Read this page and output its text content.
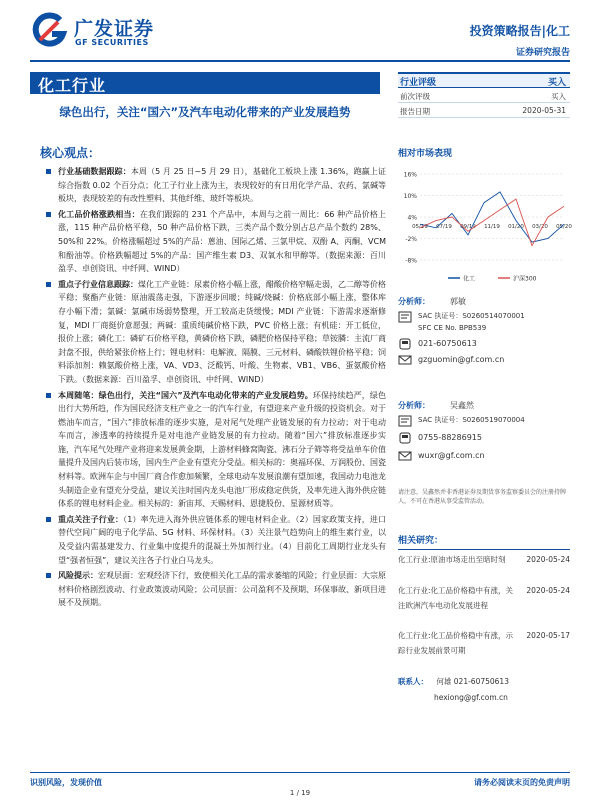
广发证券
GF SECURITIES
投资策略报告|化工
证券研究报告
化工行业
绿色出行，关注“国六”及汽车电动化带来的产业发展趋势
核心观点：
行业基础数据跟踪：本周（5 月 25 日~5 月 29 日），基础化工板块上涨 1.36%，跑赢上证综合指数 0.02 个百分点；化工子行业上涨为主，表现较好的有日用化学产品、农药、氯碱等板块，表现较差的有改性塑料、其他纤维、玻纤等板块。
化工品价格涨跌相当：在我们跟踪的 231 个产品中，本周与之前一周比：66 种产品价格上涨，115 种产品价格平稳，50 种产品价格下跌，三类产品个数分别占总产品个数约 28%、50%和 22%。价格涨幅超过 5%的产品：蒽油、国际乙烯、三氯甲烷、双酚 A、丙酮、VCM 和酚油等。价格跌幅超过 5%的产品：国产维生素 D3、双氧水和甲醇等。（数据来源：百川盈孚、卓创资讯、中纤网、WIND）
重点子行业信息跟踪：煤化工产业链：尿素价格小幅上涨，醋酸价格窄幅走弱，乙二醇等价格平稳；聚酯产业链：原油震荡走强，下游逐步回暖；纯碱/烧碱：价格底部小幅上涨，整体库存小幅下滑；氯碱：氯碱市场弱势整理，开工较高走货缓慢；MDI 产业链：下游需求逐渐修复，MDI 厂商挺价意愿强；两碱：重质纯碱价格下跌，PVC 价格上涨；有机硅：开工低位，报价上涨；磷化工：磷矿石价格平稳，黄磷价格下跌，磷肥价格保持平稳；草铵膦：主流厂商封盘不报，供给紧张价格上行；锂电材料：电解液、隔膜、三元材料、磷酸铁锂价格平稳；饲料添加剂：赖氨酸价格上涨，VA、VD3、泛酸钙、叶酸、生物素、VB1、VB6、蛋氨酸价格下跌。（数据来源：百川盈孚、卓创资讯、中纤网、WIND）
本周随笔：绿色出行，关注“国六”及汽车电动化带来的产业发展趋势。环保持续趋严，绿色出行大势所趋，作为国民经济支柱产业之一的汽车行业，有望迎来产业升级的投资机会。对于燃油车而言，“国六”排放标准的逐步实施，是对尾气处理产业链发展的有力拉动；对于电动车而言，渗透率的持续提升是对电池产业链发展的有力拉动。随着“国六”排放标准逐步实施，汽车尾气处理产业将迎来发展黄金期，上游材料蜂窝陶瓷、沸石分子筛等将受益单车价值量提升及国内后装市场，国内生产企业有望充分受益。相关标的：奥福环保、万润股份、国瓷材料等。欧洲车企与中国厂商合作愈加频繁，全球电动车发展浪潮有望加速，我国动力电池龙头制造企业有望充分受益，建议关注时国内龙头电池厂形成稳定供货，及率先进入海外供应链体系的锂电材料企业。相关标的：新宙邦、天赐材料、恩捷股份、星源材质等。
重点关注子行业：（1）率先进入海外供应链体系的锂电材料企业。（2）国家政策支持，进口替代空间广阔的电子化学品、5G 材料、环保材料。（3）关注景气趋势向上的维生素行业，以及受益内需基建发力、行业集中度提升的混凝土外加剂行业。（4）目前化工周期行业龙头有望“强者恒强”，建议关注各子行业白马龙头。
风险提示：宏观层面：宏观经济下行，致使相关化工品的需求萎缩的风险；行业层面：大宗原材料价格剧烈波动、行业政策波动风险；公司层面：公司盈利不及预期、环保事故、新项目进展不及预期。
行业评级	买入
前次评级	买入
报告日期	2020-05-31
相对市场表现
16%
10%
4%
-2%
-8%
05/19 07/19 09/19 11/19 01/20 03/20 05/20
化工	沪深300
分析师：	郭敏
SAC 执证号：S0260514070001
SFC CE No. BPB539
021-60750613
gzguomin@gf.com.cn
分析师：	吴鑫然
SAC 执证号：S0260519070004
0755-88286915
wuxr@gf.com.cn
请注意，吴鑫然并非香港证券及期货事务监察委员会的注册持牌人，不可在香港从事受监管活动。
相关研究：
化工行业:原油市场走出至暗时刻	2020-05-24
化工行业:化工品价格稳中有涨，关注欧洲汽车电动化发展进程
2020-05-24
化工行业:化工品价格稳中有涨，示踪行业发展前景可期
2020-05-17
联系人： 何雄 021-60750613
hexiong@gf.com.cn
识别风险，发现价值	请务必阅读末页的免责声明
1 / 19
